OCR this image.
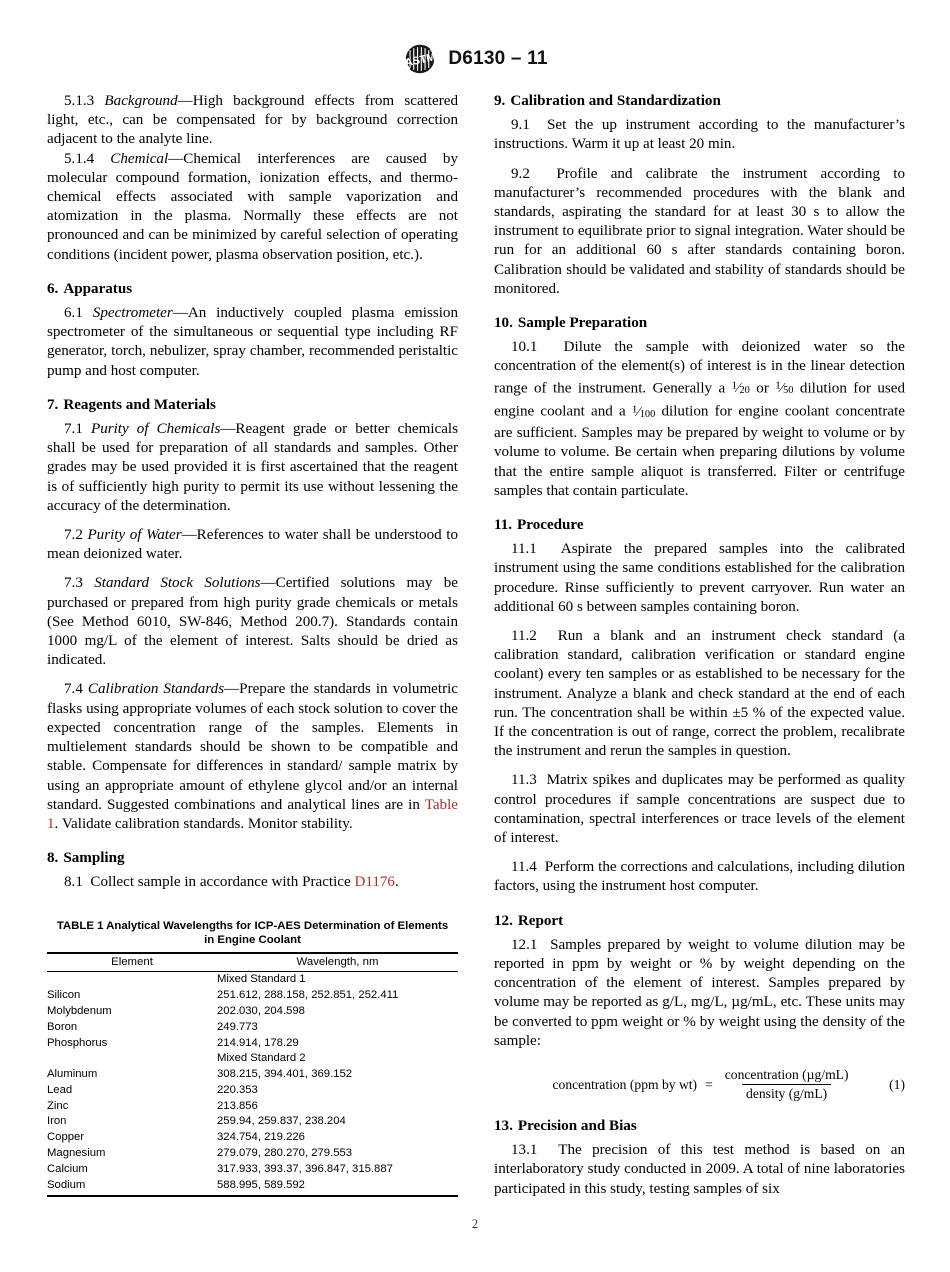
ASTM D6130 – 11

5.1.3 Background—High background effects from scattered light, etc., can be compensated for by background correction adjacent to the analyte line.

5.1.4 Chemical—Chemical interferences are caused by molecular compound formation, ionization effects, and thermo-chemical effects associated with sample vaporization and atomization in the plasma. Normally these effects are not pronounced and can be minimized by careful selection of operating conditions (incident power, plasma observation position, etc.).

6. Apparatus

6.1 Spectrometer—An inductively coupled plasma emission spectrometer of the simultaneous or sequential type including RF generator, torch, nebulizer, spray chamber, recommended peristaltic pump and host computer.

7. Reagents and Materials

7.1 Purity of Chemicals—Reagent grade or better chemicals shall be used for preparation of all standards and samples. Other grades may be used provided it is first ascertained that the reagent is of sufficiently high purity to permit its use without lessening the accuracy of the determination.

7.2 Purity of Water—References to water shall be understood to mean deionized water.

7.3 Standard Stock Solutions—Certified solutions may be purchased or prepared from high purity grade chemicals or metals (See Method 6010, SW-846, Method 200.7). Standards contain 1000 mg/L of the element of interest. Salts should be dried as indicated.

7.4 Calibration Standards—Prepare the standards in volumetric flasks using appropriate volumes of each stock solution to cover the expected concentration range of the samples. Elements in multielement standards should be shown to be compatible and stable. Compensate for differences in standard/ sample matrix by using an appropriate amount of ethylene glycol and/or an internal standard. Suggested combinations and analytical lines are in Table 1. Validate calibration standards. Monitor stability.

8. Sampling

8.1 Collect sample in accordance with Practice D1176.

TABLE 1 Analytical Wavelengths for ICP-AES Determination of Elements in Engine Coolant
Element	Wavelength, nm
	Mixed Standard 1
Silicon	251.612, 288.158, 252.851, 252.411
Molybdenum	202.030, 204.598
Boron	249.773
Phosphorus	214.914, 178.29
	Mixed Standard 2
Aluminum	308.215, 394.401, 369.152
Lead	220.353
Zinc	213.856
Iron	259.94, 259.837, 238.204
Copper	324.754, 219.226
Magnesium	279.079, 280.270, 279.553
Calcium	317.933, 393.37, 396.847, 315.887
Sodium	588.995, 589.592
9. Calibration and Standardization

9.1 Set the up instrument according to the manufacturer’s instructions. Warm it up at least 20 min.

9.2 Profile and calibrate the instrument according to manufacturer’s recommended procedures with the blank and standards, aspirating the standard for at least 30 s to allow the instrument to equilibrate prior to signal integration. Water should be run for an additional 60 s after standards containing boron. Calibration should be validated and stability of standards should be monitored.

10. Sample Preparation

10.1 Dilute the sample with deionized water so the concentration of the element(s) of interest is in the linear detection range of the instrument. Generally a $^1⁄_{20}$ or $^1⁄_{50}$ dilution for used engine coolant and a $^1⁄_{100}$ dilution for engine coolant concentrate are sufficient. Samples may be prepared by weight to volume or by volume to volume. Be certain when preparing dilutions by volume that the entire sample aliquot is transferred. Filter or centrifuge samples that contain particulate.

11. Procedure

11.1 Aspirate the prepared samples into the calibrated instrument using the same conditions established for the calibration procedure. Rinse sufficiently to prevent carryover. Run water an additional 60 s between samples containing boron.

11.2 Run a blank and an instrument check standard (a calibration standard, calibration verification or standard engine coolant) every ten samples or as established to be necessary for the instrument. Analyze a blank and check standard at the end of each run. The concentration shall be within ±5 % of the expected value. If the concentration is out of range, correct the problem, recalibrate the instrument and rerun the samples in question.

11.3 Matrix spikes and duplicates may be performed as quality control procedures if sample concentrations are suspect due to contamination, spectral interferences or trace levels of the element of interest.

11.4 Perform the corrections and calculations, including dilution factors, using the instrument host computer.

12. Report

12.1 Samples prepared by weight to volume dilution may be reported in ppm by weight or % by weight depending on the concentration of the element of interest. Samples prepared by volume may be reported as g/L, mg/L, µg/mL, etc. These units may be converted to ppm weight or % by weight using the density of the sample:

concentration (ppm by $wt) = \frac{\text{concentration (µg/mL)}}{\text{density (g/mL)}}$	(1)
13. Precision and Bias

13.1 The precision of this test method is based on an interlaboratory study conducted in 2009. A total of nine laboratories participated in this study, testing samples of six

2
